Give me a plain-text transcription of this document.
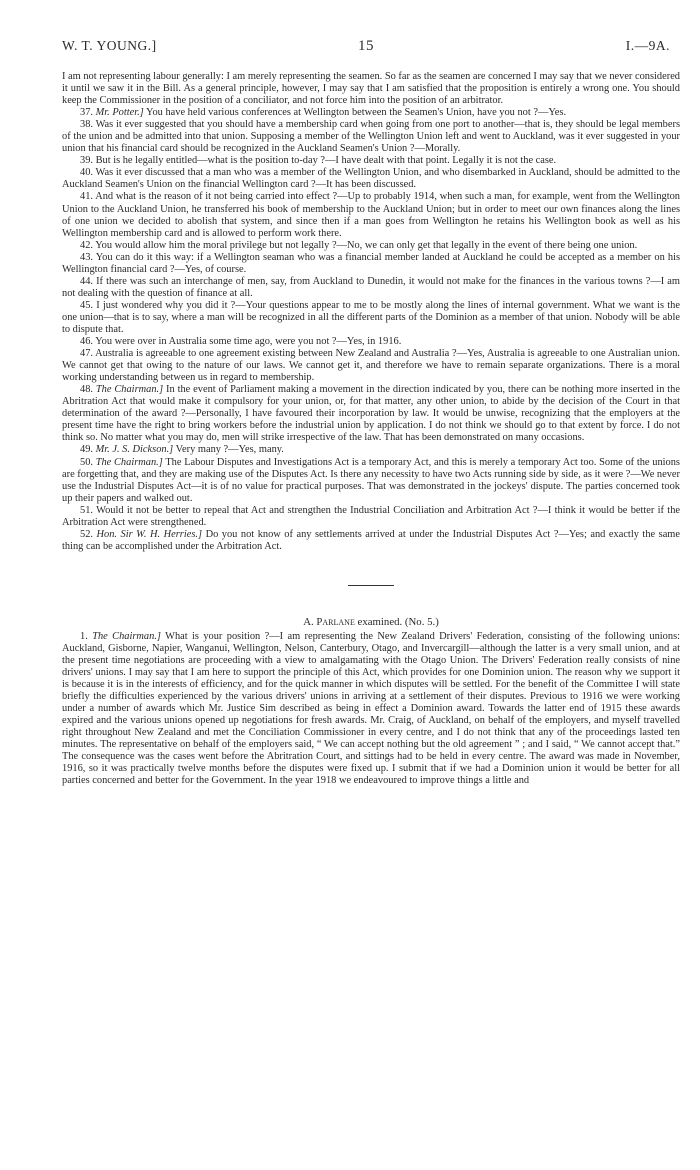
W. T. YOUNG.]	15	I.—9A.

I am not representing labour generally: I am merely representing the seamen. So far as the seamen are concerned I may say that we never considered it until we saw it in the Bill. As a general principle, however, I may say that I am satisfied that the proposition is entirely a wrong one. You should keep the Commissioner in the position of a conciliator, and not force him into the position of an arbitrator.

37. Mr. Potter.] You have held various conferences at Wellington between the Seamen's Union, have you not ?—Yes.

38. Was it ever suggested that you should have a membership card when going from one port to another—that is, they should be legal members of the union and be admitted into that union. Supposing a member of the Wellington Union left and went to Auckland, was it ever suggested in your union that his financial card should be recognized in the Auckland Seamen's Union ?—Morally.

39. But is he legally entitled—what is the position to-day ?—I have dealt with that point. Legally it is not the case.

40. Was it ever discussed that a man who was a member of the Wellington Union, and who disembarked in Auckland, should be admitted to the Auckland Seamen's Union on the financial Wellington card ?—It has been discussed.

41. And what is the reason of it not being carried into effect ?—Up to probably 1914, when such a man, for example, went from the Wellington Union to the Auckland Union, he transferred his book of membership to the Auckland Union; but in order to meet our own finances along the lines of one union we decided to abolish that system, and since then if a man goes from Wellington he retains his Wellington book as well as his Wellington membership card and is allowed to perform work there.

42. You would allow him the moral privilege but not legally ?—No, we can only get that legally in the event of there being one union.

43. You can do it this way: if a Wellington seaman who was a financial member landed at Auckland he could be accepted as a member on his Wellington financial card ?—Yes, of course.

44. If there was such an interchange of men, say, from Auckland to Dunedin, it would not make for the finances in the various towns ?—I am not dealing with the question of finance at all.

45. I just wondered why you did it ?—Your questions appear to me to be mostly along the lines of internal government. What we want is the one union—that is to say, where a man will be recognized in all the different parts of the Dominion as a member of that union. Nobody will be able to dispute that.

46. You were over in Australia some time ago, were you not ?—Yes, in 1916.

47. Australia is agreeable to one agreement existing between New Zealand and Australia ?—Yes, Australia is agreeable to one Australian union. We cannot get that owing to the nature of our laws. We cannot get it, and therefore we have to remain separate organizations. There is a moral working understanding between us in regard to membership.

48. The Chairman.] In the event of Parliament making a movement in the direction indicated by you, there can be nothing more inserted in the Abritration Act that would make it compulsory for your union, or, for that matter, any other union, to abide by the decision of the Court in that determination of the award ?—Personally, I have favoured their incorporation by law. It would be unwise, recognizing that the employers at the present time have the right to bring workers before the industrial union by application. I do not think we should go to that extent by force. I do not think so. No matter what you may do, men will strike irrespective of the law. That has been demonstrated on many occasions.

49. Mr. J. S. Dickson.] Very many ?—Yes, many.

50. The Chairman.] The Labour Disputes and Investigations Act is a temporary Act, and this is merely a temporary Act too. Some of the unions are forgetting that, and they are making use of the Disputes Act. Is there any necessity to have two Acts running side by side, as it were ?—We never use the Industrial Disputes Act—it is of no value for practical purposes. That was demonstrated in the jockeys' dispute. The parties concerned took up their papers and walked out.

51. Would it not be better to repeal that Act and strengthen the Industrial Conciliation and Arbitration Act ?—I think it would be better if the Arbitration Act were strengthened.

52. Hon. Sir W. H. Herries.] Do you not know of any settlements arrived at under the Industrial Disputes Act ?—Yes; and exactly the same thing can be accomplished under the Arbitration Act.

A. Parlane examined. (No. 5.)

1. The Chairman.] What is your position ?—I am representing the New Zealand Drivers' Federation, consisting of the following unions: Auckland, Gisborne, Napier, Wanganui, Wellington, Nelson, Canterbury, Otago, and Invercargill—although the latter is a very small union, and at the present time negotiations are proceeding with a view to amalgamating with the Otago Union. The Drivers' Federation really consists of nine drivers' unions. I may say that I am here to support the principle of this Act, which provides for one Dominion union. The reason why we support it is because it is in the interests of efficiency, and for the quick manner in which disputes will be settled. For the benefit of the Committee I will state briefly the difficulties experienced by the various drivers' unions in arriving at a settlement of their disputes. Previous to 1916 we were working under a number of awards which Mr. Justice Sim described as being in effect a Dominion award. Towards the latter end of 1915 these awards expired and the various unions opened up negotiations for fresh awards. Mr. Craig, of Auckland, on behalf of the employers, and myself travelled right throughout New Zealand and met the Conciliation Commissioner in every centre, and I do not think that any of the proceedings lasted ten minutes. The representative on behalf of the employers said, “ We can accept nothing but the old agreement ” ; and I said, “ We cannot accept that.” The consequence was the cases went before the Abritration Court, and sittings had to be held in every centre. The award was made in November, 1916, so it was practically twelve months before the disputes were fixed up. I submit that if we had a Dominion union it would be better for all parties concerned and better for the Government. In the year 1918 we endeavoured to improve things a little and
